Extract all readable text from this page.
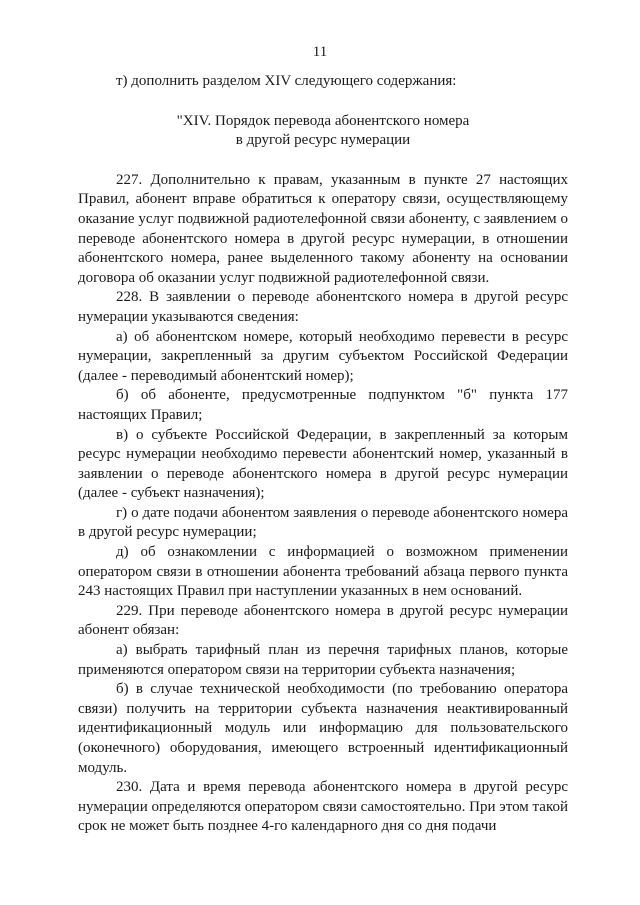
11

т) дополнить разделом XIV следующего содержания:

"XIV. Порядок перевода абонентского номера
в другой ресурс нумерации

227. Дополнительно к правам, указанным в пункте 27 настоящих Правил, абонент вправе обратиться к оператору связи, осуществляющему оказание услуг подвижной радиотелефонной связи абоненту, с заявлением о переводе абонентского номера в другой ресурс нумерации, в отношении абонентского номера, ранее выделенного такому абоненту на основании договора об оказании услуг подвижной радиотелефонной связи.

228. В заявлении о переводе абонентского номера в другой ресурс нумерации указываются сведения:

а) об абонентском номере, который необходимо перевести в ресурс нумерации, закрепленный за другим субъектом Российской Федерации (далее - переводимый абонентский номер);

б) об абоненте, предусмотренные подпунктом "б" пункта 177 настоящих Правил;

в) о субъекте Российской Федерации, в закрепленный за которым ресурс нумерации необходимо перевести абонентский номер, указанный в заявлении о переводе абонентского номера в другой ресурс нумерации (далее - субъект назначения);

г) о дате подачи абонентом заявления о переводе абонентского номера в другой ресурс нумерации;

д) об ознакомлении с информацией о возможном применении оператором связи в отношении абонента требований абзаца первого пункта 243 настоящих Правил при наступлении указанных в нем оснований.

229. При переводе абонентского номера в другой ресурс нумерации абонент обязан:

а) выбрать тарифный план из перечня тарифных планов, которые применяются оператором связи на территории субъекта назначения;

б) в случае технической необходимости (по требованию оператора связи) получить на территории субъекта назначения неактивированный идентификационный модуль или информацию для пользовательского (оконечного) оборудования, имеющего встроенный идентификационный модуль.

230. Дата и время перевода абонентского номера в другой ресурс нумерации определяются оператором связи самостоятельно. При этом такой срок не может быть позднее 4-го календарного дня со дня подачи
